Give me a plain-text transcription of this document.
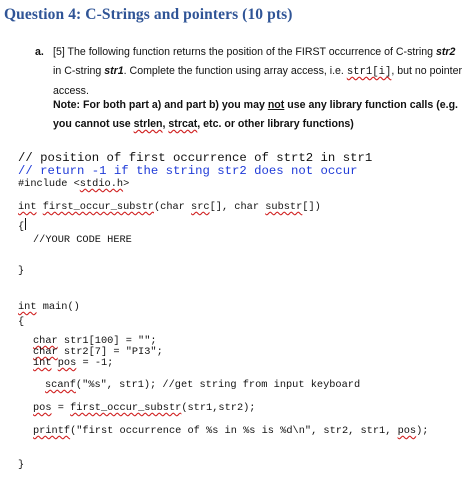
Question 4: C-Strings and pointers (10 pts)
a. [5] The following function returns the position of the FIRST occurrence of C-string str2 in C-string str1. Complete the function using array access, i.e. str1[i], but no pointer access.
Note: For both part a) and part b) you may not use any library function calls (e.g. you cannot use strlen, strcat, etc. or other library functions)
// position of first occurrence of strt2 in str1
// return -1 if the string str2 does not occur
#include <stdio.h>
int first_occur_substr(char src[], char substr[])
{
//YOUR CODE HERE
}
int main()
{
char str1[100] = "";
char str2[7] = "PI3";
int pos = -1;
scanf("%s", str1); //get string from input keyboard
pos = first_occur_substr(str1,str2);
printf("first occurrence of %s in %s is %d\n", str2, str1, pos);
}
